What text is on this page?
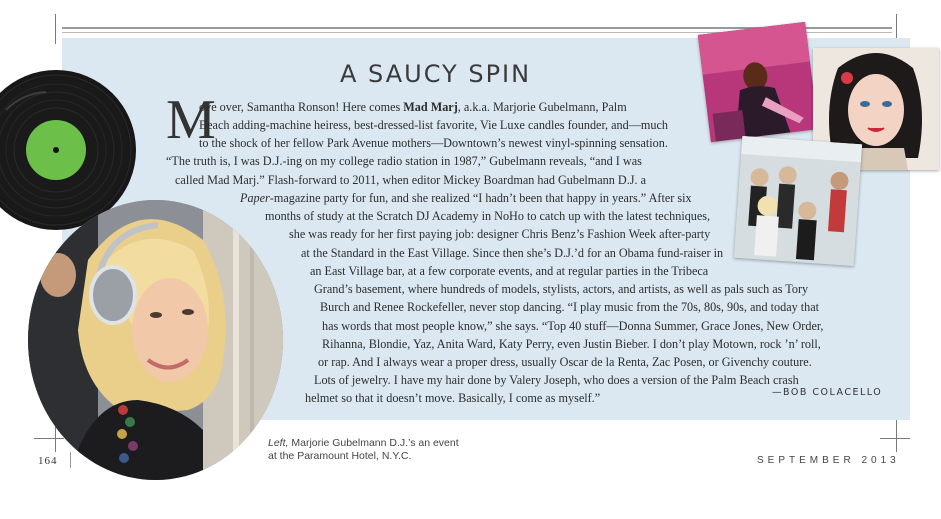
A SAUCY SPIN
M
ove over, Samantha Ronson! Here comes Mad Marj, a.k.a. Marjorie Gubelmann, Palm
Beach adding-machine heiress, best-dressed-list favorite, Vie Luxe candles founder, and—much
to the shock of her fellow Park Avenue mothers—Downtown’s newest vinyl-spinning sensation.
“The truth is, I was D.J.-ing on my college radio station in 1987,” Gubelmann reveals, “and I was
called Mad Marj.” Flash-forward to 2011, when editor Mickey Boardman had Gubelmann D.J. a
Paper-magazine party for fun, and she realized “I hadn’t been that happy in years.” After six
months of study at the Scratch DJ Academy in NoHo to catch up with the latest techniques,
she was ready for her first paying job: designer Chris Benz’s Fashion Week after-party
at the Standard in the East Village. Since then she’s D.J.’d for an Obama fund-raiser in
an East Village bar, at a few corporate events, and at regular parties in the Tribeca
Grand’s basement, where hundreds of models, stylists, actors, and artists, as well as pals such as Tory
Burch and Renee Rockefeller, never stop dancing. “I play music from the 70s, 80s, 90s, and today that
has words that most people know,” she says. “Top 40 stuff—Donna Summer, Grace Jones, New Order,
Rihanna, Blondie, Yaz, Anita Ward, Katy Perry, even Justin Bieber. I don’t play Motown, rock ’n’ roll,
or rap. And I always wear a proper dress, usually Oscar de la Renta, Zac Posen, or Givenchy couture.
Lots of jewelry. I have my hair done by Valery Joseph, who does a version of the Palm Beach crash
helmet so that it doesn’t move. Basically, I come as myself.”	—BOB COLACELLO
Left, Marjorie Gubelmann D.J.’s an event
at the Paramount Hotel, N.Y.C.
164	SEPTEMBER 2013
